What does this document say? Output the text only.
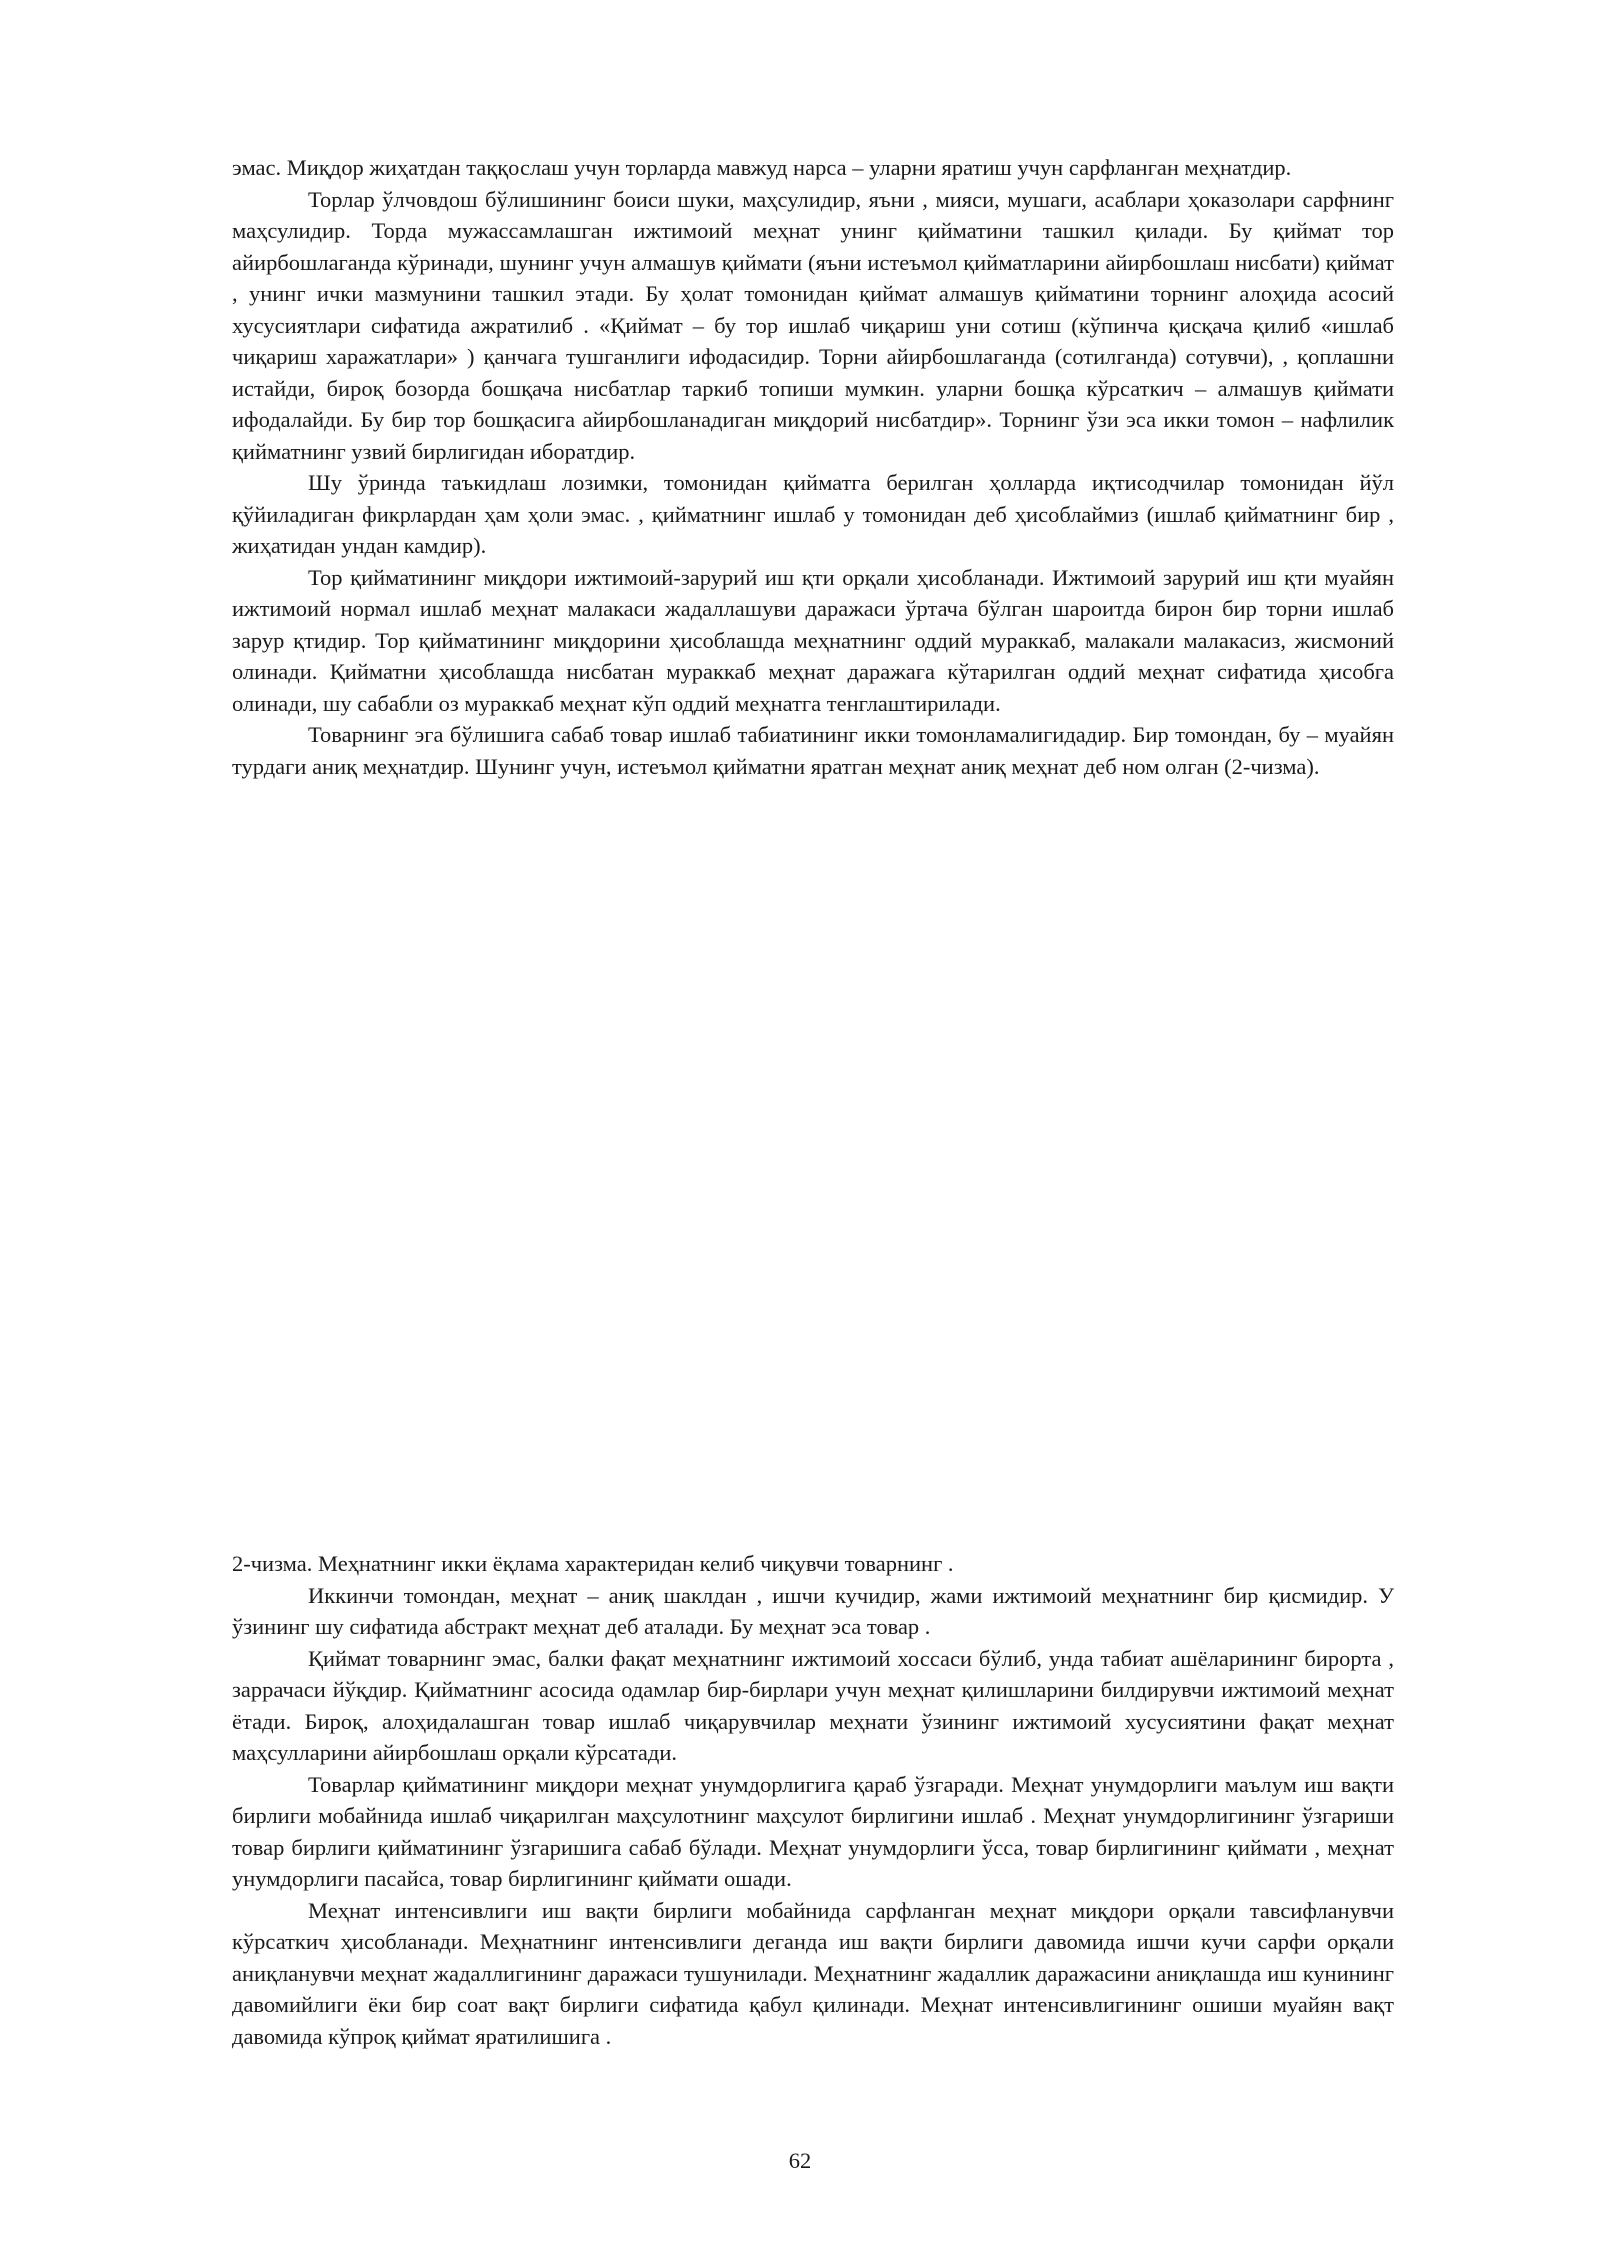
эмас. Миқдор жиҳатдан таққослаш учун торларда мавжуд нарса – уларни яратиш учун сарфланган меҳнатдир.

Торлар ўлчовдош бўлишининг боиси шуки, маҳсулидир, яъни , мияси, мушаги, асаблари ҳоказолари сарфнинг маҳсулидир. Торда мужассамлашган ижтимоий меҳнат унинг қийматини ташкил қилади. Бу қиймат тор айирбошлаганда кўринади, шунинг учун алмашув қиймати (яъни истеъмол қийматларини айирбошлаш нисбати) қиймат , унинг ички мазмунини ташкил этади. Бу ҳолат томонидан қиймат алмашув қийматини торнинг алоҳида асосий хусусиятлари сифатида ажратилиб . «Қиймат – бу тор ишлаб чиқариш уни сотиш (кўпинча қисқача қилиб «ишлаб чиқариш харажатлари» ) қанчага тушганлиги ифодасидир. Торни айирбошлаганда (сотилганда) сотувчи), , қоплашни истайди, бироқ бозорда бошқача нисбатлар таркиб топиши мумкин. уларни бошқа кўрсаткич – алмашув қиймати ифодалайди. Бу бир тор бошқасига айирбошланадиган миқдорий нисбатдир». Торнинг ўзи эса икки томон – нафлилик қийматнинг узвий бирлигидан иборатдир.

Шу ўринда таъкидлаш лозимки, томонидан қийматга берилган ҳолларда иқтисодчилар томонидан йўл қўйиладиган фикрлардан ҳам ҳоли эмас. , қийматнинг ишлаб у томонидан деб ҳисоблаймиз (ишлаб қийматнинг бир , жиҳатидан ундан камдир).

Тор қийматининг миқдори ижтимоий-зарурий иш қти орқали ҳисобланади. Ижтимоий зарурий иш қти муайян ижтимоий нормал ишлаб меҳнат малакаси жадаллашуви даражаси ўртача бўлган шароитда бирон бир торни ишлаб зарур қтидир. Тор қийматининг миқдорини ҳисоблашда меҳнатнинг оддий мураккаб, малакали малакасиз, жисмоний олинади. Қийматни ҳисоблашда нисбатан мураккаб меҳнат даражага кўтарилган оддий меҳнат сифатида ҳисобга олинади, шу сабабли оз мураккаб меҳнат кўп оддий меҳнатга тенглаштирилади.

Товарнинг эга бўлишига сабаб товар ишлаб табиатининг икки томонламалигидадир. Бир томондан, бу – муайян турдаги аниқ меҳнатдир. Шунинг учун, истеъмол қийматни яратган меҳнат аниқ меҳнат деб ном олган (2-чизма).

2-чизма. Меҳнатнинг икки ёқлама характеридан келиб чиқувчи товарнинг .

Иккинчи томондан, меҳнат – аниқ шаклдан , ишчи кучидир, жами ижтимоий меҳнатнинг бир қисмидир. У ўзининг шу сифатида абстракт меҳнат деб аталади. Бу меҳнат эса товар .

Қиймат товарнинг эмас, балки фақат меҳнатнинг ижтимоий хоссаси бўлиб, унда табиат ашёларининг бирорта , заррачаси йўқдир. Қийматнинг асосида одамлар бир-бирлари учун меҳнат қилишларини билдирувчи ижтимоий меҳнат ётади. Бироқ, алоҳидалашган товар ишлаб чиқарувчилар меҳнати ўзининг ижтимоий хусусиятини фақат меҳнат маҳсулларини айирбошлаш орқали кўрсатади.

Товарлар қийматининг миқдори меҳнат унумдорлигига қараб ўзгаради. Меҳнат унумдорлиги маълум иш вақти бирлиги мобайнида ишлаб чиқарилган маҳсулотнинг маҳсулот бирлигини ишлаб . Меҳнат унумдорлигининг ўзгариши товар бирлиги қийматининг ўзгаришига сабаб бўлади. Меҳнат унумдорлиги ўсса, товар бирлигининг қиймати , меҳнат унумдорлиги пасайса, товар бирлигининг қиймати ошади.

Меҳнат интенсивлиги иш вақти бирлиги мобайнида сарфланган меҳнат миқдори орқали тавсифланувчи кўрсаткич ҳисобланади. Меҳнатнинг интенсивлиги деганда иш вақти бирлиги давомида ишчи кучи сарфи орқали аниқланувчи меҳнат жадаллигининг даражаси тушунилади. Меҳнатнинг жадаллик даражасини аниқлашда иш кунининг давомийлиги ёки бир соат вақт бирлиги сифатида қабул қилинади. Меҳнат интенсивлигининг ошиши муайян вақт давомида кўпроқ қиймат яратилишига .

62
